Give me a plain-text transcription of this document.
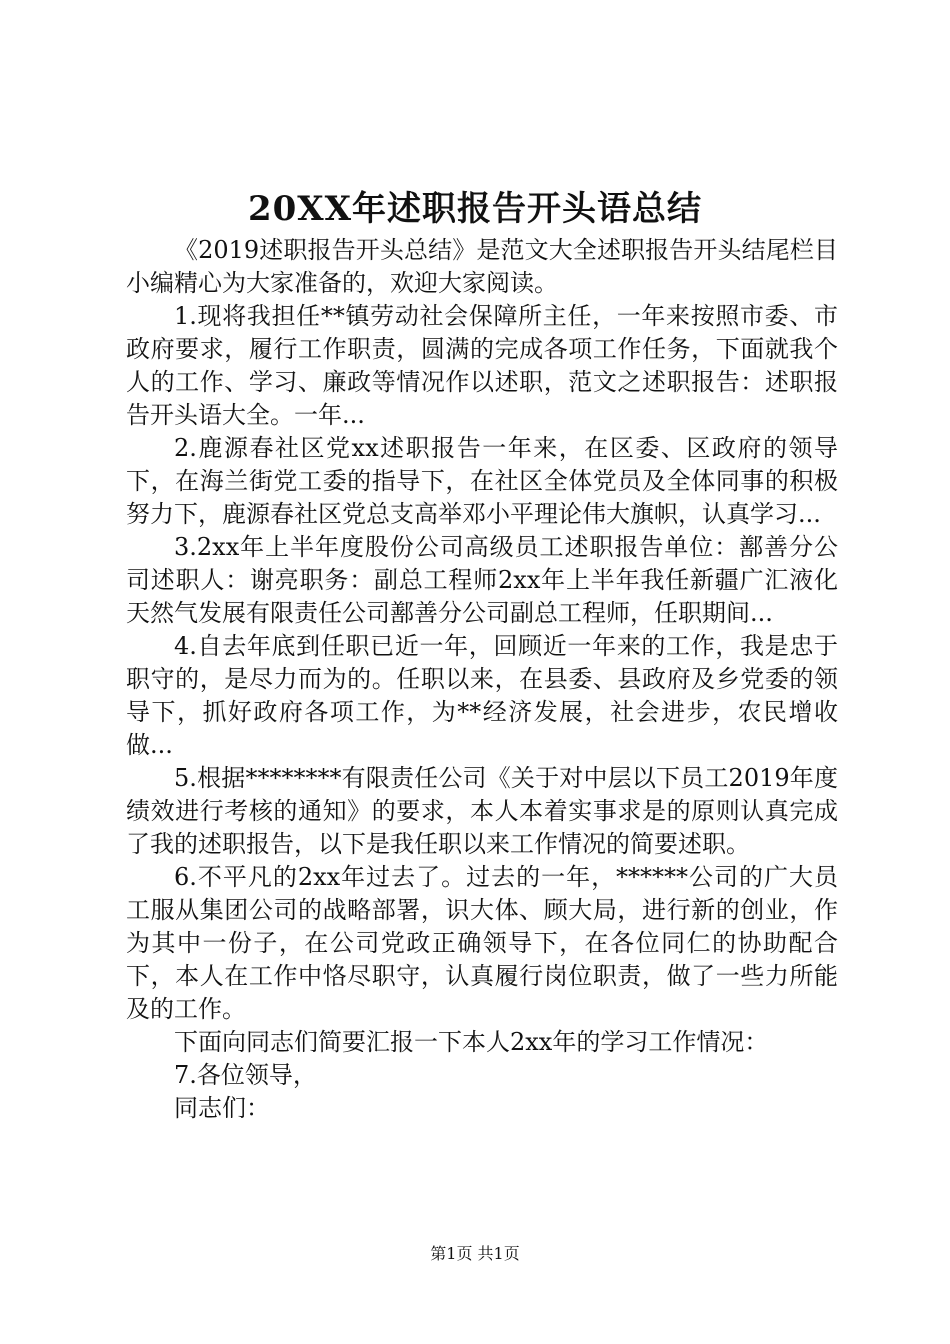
20XX年述职报告开头语总结

《2019述职报告开头总结》是范文大全述职报告开头结尾栏目小编精心为大家准备的，欢迎大家阅读。

1.现将我担任**镇劳动社会保障所主任，一年来按照市委、市政府要求，履行工作职责，圆满的完成各项工作任务，下面就我个人的工作、学习、廉政等情况作以述职，范文之述职报告：述职报告开头语大全。一年...

2.鹿源春社区党xx述职报告一年来，在区委、区政府的领导下，在海兰街党工委的指导下，在社区全体党员及全体同事的积极努力下，鹿源春社区党总支高举邓小平理论伟大旗帜，认真学习...

3.2xx年上半年度股份公司高级员工述职报告单位：鄯善分公司述职人：谢亮职务：副总工程师2xx年上半年我任新疆广汇液化天然气发展有限责任公司鄯善分公司副总工程师，任职期间...

4.自去年底到任职已近一年，回顾近一年来的工作，我是忠于职守的，是尽力而为的。任职以来，在县委、县政府及乡党委的领导下，抓好政府各项工作，为**经济发展，社会进步，农民增收做...

5.根据********有限责任公司《关于对中层以下员工2019年度绩效进行考核的通知》的要求，本人本着实事求是的原则认真完成了我的述职报告，以下是我任职以来工作情况的简要述职。

6.不平凡的2xx年过去了。过去的一年，******公司的广大员工服从集团公司的战略部署，识大体、顾大局，进行新的创业，作为其中一份子，在公司党政正确领导下，在各位同仁的协助配合下，本人在工作中恪尽职守，认真履行岗位职责，做了一些力所能及的工作。

下面向同志们简要汇报一下本人2xx年的学习工作情况：

7.各位领导，

同志们：

第1页 共1页
